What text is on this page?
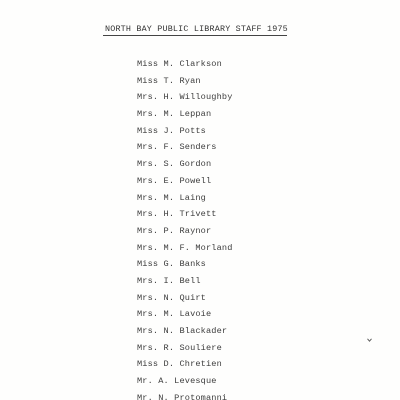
NORTH BAY PUBLIC LIBRARY STAFF 1975
Miss M. Clarkson
Miss T. Ryan
Mrs. H. Willoughby
Mrs. M. Leppan
Miss J. Potts
Mrs. F. Senders
Mrs. S. Gordon
Mrs. E. Powell
Mrs. M. Laing
Mrs. H. Trivett
Mrs. P. Raynor
Mrs. M. F. Morland
Miss G. Banks
Mrs. I. Bell
Mrs. N. Quirt
Mrs. M. Lavoie
Mrs. N. Blackader
Mrs. R. Souliere
Miss D. Chretien
Mr. A. Levesque
Mr. N. Protomanni
